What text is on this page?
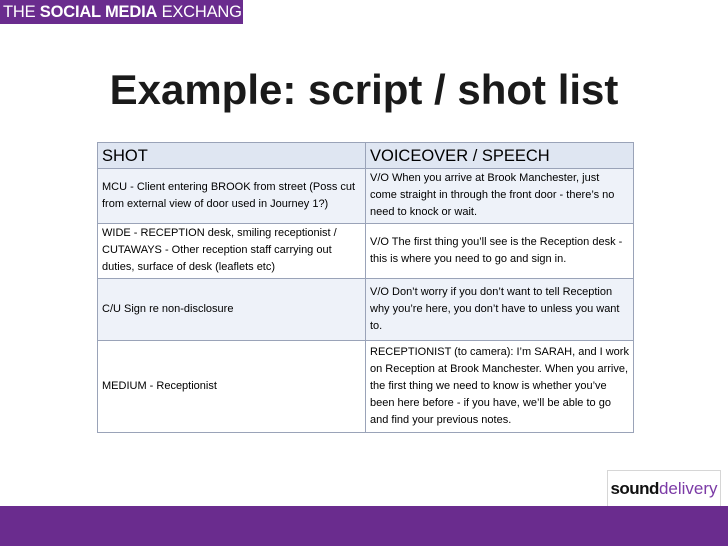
THE SOCIAL MEDIA EXCHANGE
Example: script / shot list
SHOT	VOICEOVER / SPEECH
MCU - Client entering BROOK from street (Poss cut from external view of door used in Journey 1?)	V/O When you arrive at Brook Manchester, just come straight in through the front door - there’s no need to knock or wait.
WIDE - RECEPTION desk, smiling receptionist / CUTAWAYS - Other reception staff carrying out duties, surface of desk (leaflets etc)	V/O The first thing you’ll see is the Reception desk - this is where you need to go and sign in.
C/U Sign re non-disclosure	V/O Don’t worry if you don’t want to tell Reception why you’re here, you don’t have to unless you want to.
MEDIUM - Receptionist	RECEPTIONIST (to camera): I’m SARAH, and I work on Reception at Brook Manchester. When you arrive, the first thing we need to know is whether you’ve been here before - if you have, we’ll be able to go and find your previous notes.
sounddelivery
